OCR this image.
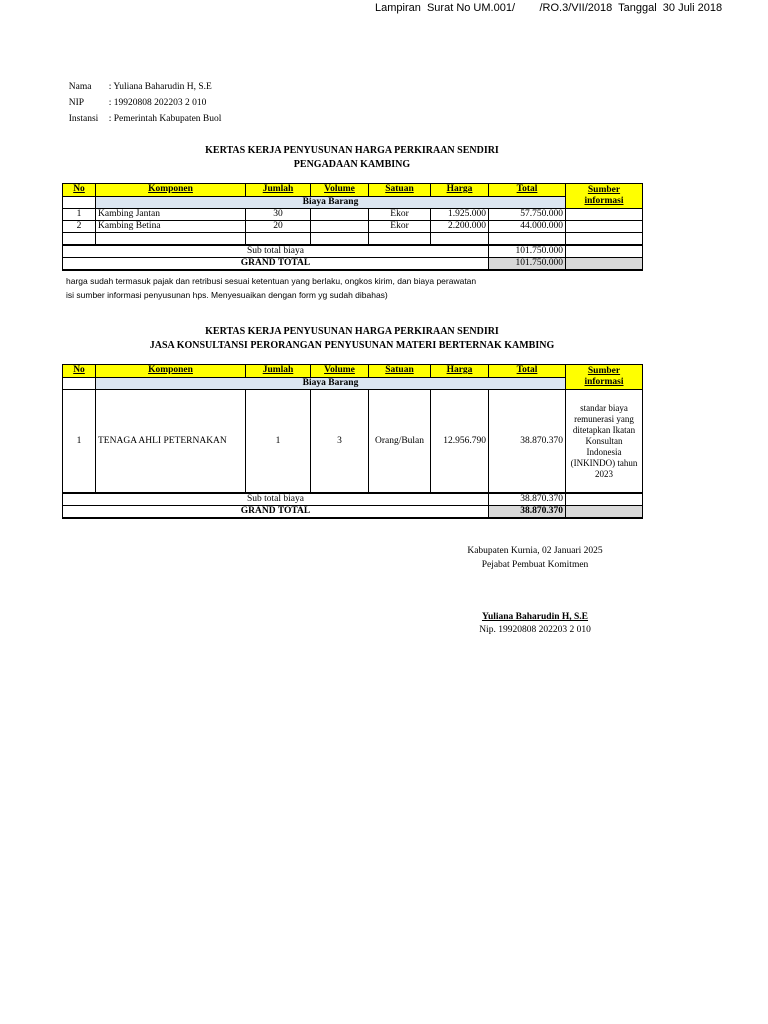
Lampiran  Surat No UM.001/        /RO.3/VII/2018  Tanggal  30 Juli 2018

Nama : Yuliana Baharudin H, S.E

NIP	: 19920808 202203 2 010

Instansi : Pemerintah Kabupaten Buol

KERTAS KERJA PENYUSUNAN HARGA PERKIRAAN SENDIRI
PENGADAAN KAMBING
No	Komponen	Jumlah	Volume	Satuan	Harga	Total	Sumber informasi
	Biaya Barang						
1	Kambing Jantan	30		Ekor	1.925.000	57.750.000	
2	Kambing Betina	20		Ekor	2.200.000	44.000.000	

Sub total biaya						101.750.000	
GRAND TOTAL						101.750.000	
harga sudah termasuk pajak dan retribusi sesuai ketentuan yang berlaku, ongkos kirim, dan biaya perawatan
isi sumber informasi penyusunan hps. Menyesuaikan dengan form yg sudah dibahas)
KERTAS KERJA PENYUSUNAN HARGA PERKIRAAN SENDIRI
JASA KONSULTANSI PERORANGAN PENYUSUNAN MATERI BERTERNAK KAMBING
No	Komponen	Jumlah	Volume	Satuan	Harga	Total	Sumber informasi
	Biaya Barang						
1	TENAGA AHLI PETERNAKAN	1	3	Orang/Bulan	12.956.790	38.870.370	standar biaya remunerasi yang ditetapkan Ikatan Konsultan Indonesia (INKINDO) tahun 2023
Sub total biaya						38.870.370	
GRAND TOTAL						38.870.370	
Kabupaten Kurnia, 02 Januari 2025
Pejabat Pembuat Komitmen
Yuliana Baharudin H, S.E
Nip. 19920808 202203 2 010
